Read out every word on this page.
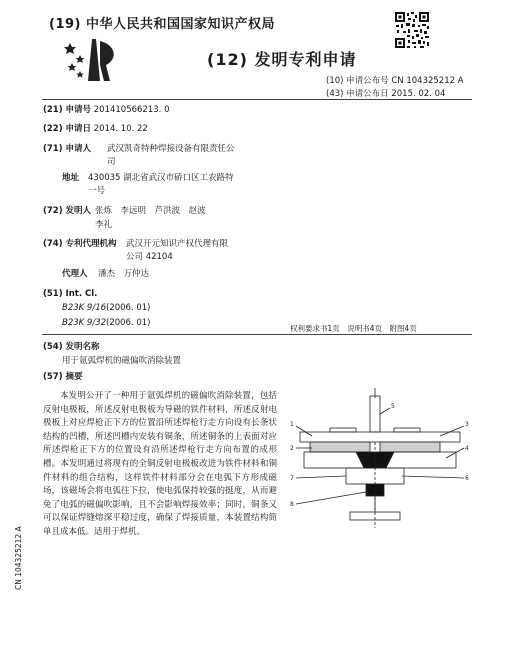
(19) 中华人民共和国国家知识产权局
(12) 发明专利申请
(10) 申请公布号 CN 104325212 A
(43) 申请公布日 2015. 02. 04
(21) 申请号 201410566213. 0
(22) 申请日 2014. 10. 22
(71) 申请人 武汉凯奇特种焊接设备有限责任公
司
地址 430035 湖北省武汉市硚口区工农路特
一号
(72) 发明人 张炼　李远明　芦洪波　赵波
李礼
(74) 专利代理机构 武汉开元知识产权代理有限
公司 42104
代理人 潘杰　万仲达
(51) Int. Cl.
B23K 9/16(2006. 01)
B23K 9/32(2006. 01)
权利要求书1页　说明书4页　附图4页
(54) 发明名称
用于氩弧焊机的磁偏吹消除装置
(57) 摘要
本发明公开了一种用于氩弧焊机的磁偏吹消除装置，包括反射电极板，所述反射电极板为导磁的铁件材料，所述反射电极板上对应焊枪正下方的位置沿所述焊枪行走方向设有长条状结构的凹槽，所述凹槽内安装有铜条，所述铜条的上表面对应所述焊枪正下方的位置设有沿所述焊枪行走方向布置的成形槽。本发明通过将现有的全铜反射电极板改进为铁件材料和铜件材料的组合结构，这样铁件材料部分会在电弧下方形成磁场，该磁场会将电弧往下拉，使电弧保持较强的挺度，从而避免了电弧的磁偏吹影响，且不会影响焊接效率；同时，铜条又可以保证焊缝熔深平稳过度，确保了焊接质量，本装置结构简单且成本低。适用于焊机。
1
2
3
4
5
6
7
8
CN 104325212 A
